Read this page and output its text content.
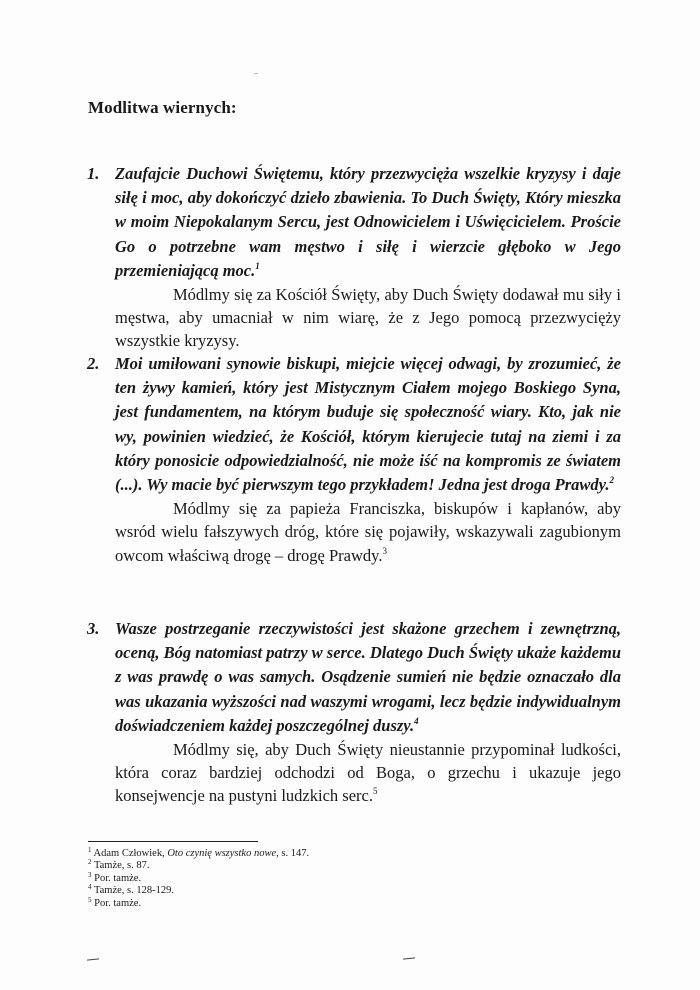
Modlitwa wiernych:
1. Zaufajcie Duchowi Świętemu, który przezwycięża wszelkie kryzysy i daje siłę i moc, aby dokończyć dzieło zbawienia. To Duch Święty, Który mieszka w moim Niepokalanym Sercu, jest Odnowicielem i Uświęcicielem. Proście Go o potrzebne wam męstwo i siłę i wierzcie głęboko w Jego przemieniającą moc.$^1$

Módlmy się za Kościół Święty, aby Duch Święty dodawał mu siły i męstwa, aby umacniał w nim wiarę, że z Jego pomocą przezwycięży wszystkie kryzysy.

2. Moi umiłowani synowie biskupi, miejcie więcej odwagi, by zrozumieć, że ten żywy kamień, który jest Mistycznym Ciałem mojego Boskiego Syna, jest fundamentem, na którym buduje się społeczność wiary. Kto, jak nie wy, powinien wiedzieć, że Kościół, którym kierujecie tutaj na ziemi i za który ponosicie odpowiedzialność, nie może iść na kompromis ze światem (...). Wy macie być pierwszym tego przykładem! Jedna jest droga Prawdy.$^2$

Módlmy się za papieża Franciszka, biskupów i kapłanów, aby wsród wielu fałszywych dróg, które się pojawiły, wskazywali zagubionym owcom właściwą drogę – drogę Prawdy.$^3$

3. Wasze postrzeganie rzeczywistości jest skażone grzechem i zewnętrzną, oceną, Bóg natomiast patrzy w serce. Dlatego Duch Święty ukaże każdemu z was prawdę o was samych. Osądzenie sumień nie będzie oznaczało dla was ukazania wyższości nad waszymi wrogami, lecz będzie indywidualnym doświadczeniem każdej poszczególnej duszy.$^4$

Módlmy się, aby Duch Święty nieustannie przypominał ludkości, która coraz bardziej odchodzi od Boga, o grzechu i ukazuje jego konsejwencje na pustyni ludzkich serc.$^5$

$^1$ Adam Człowiek, Oto czynię wszystko nowe, s. 147.

$^2$ Tamże, s. 87.

$^3$ Por. tamże.

$^4$ Tamże, s. 128-129.

$^5$ Por. tamże.
